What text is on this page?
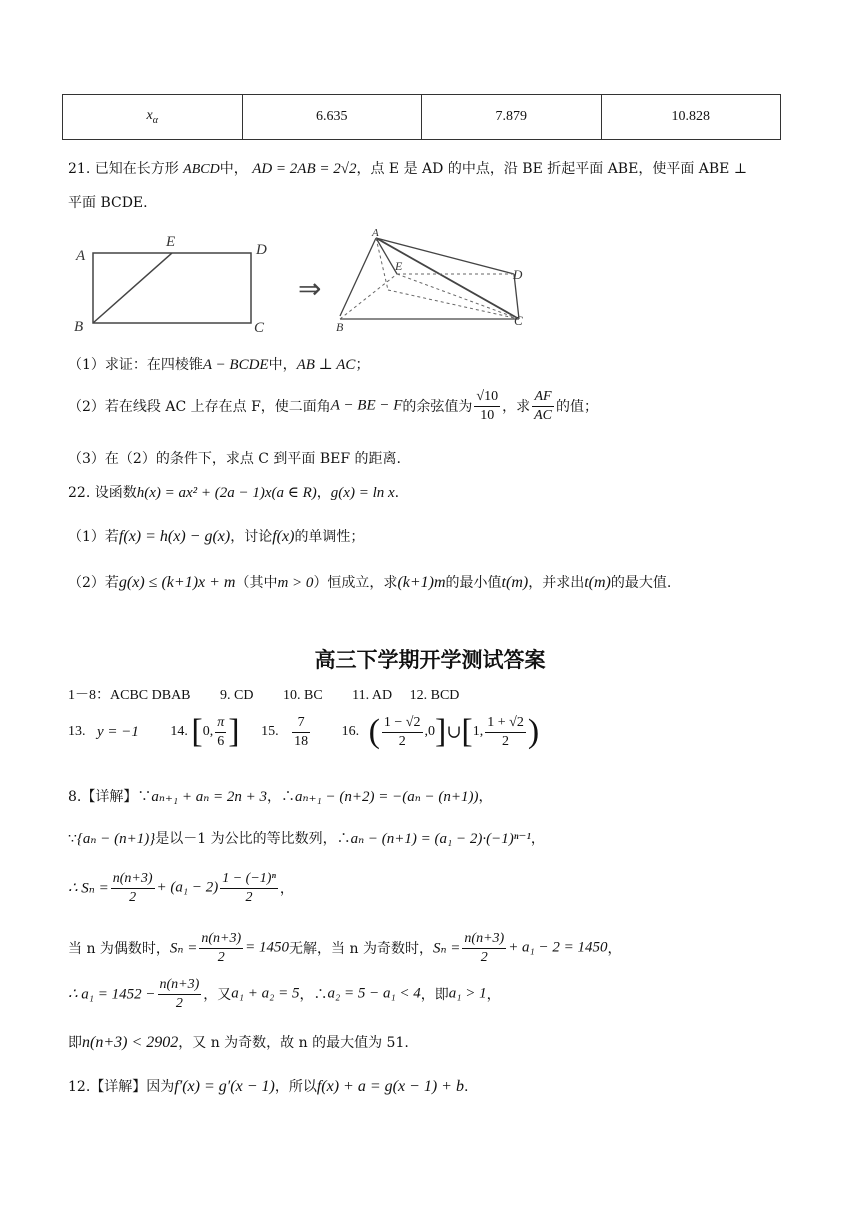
$x_\alpha$	6.635	7.879	10.828
21. 已知在长方形 ABCD中， AD = 2AB = 2√2，点 E 是 AD 的中点，沿 BE 折起平面 ABE，使平面 ABE ⊥
平面 BCDE.
A
E	D
B	C
⇒
A
E
D
B	C
（1）求证：在四棱锥A − BCDE中，AB ⊥ AC；
（2）若在线段 AC 上存在点 F，使二面角A − BE − F的余弦值为 $\frac{√10}{10}$ ，求 $\frac{AF}{AC}$ 的值；
（3）在（2）的条件下，求点 C 到平面 BEF 的距离.
22. 设函数h(x) = ax² + (2a − 1)x(a ∈ R)，g(x) = ln x.
（1）若f(x) = h(x) − g(x)，讨论f(x)的单调性；
（2）若g(x) ≤ (k+1)x + m（其中m > 0）恒成立，求(k+1)m的最小值t(m)，并求出t(m)的最大值.
高三下学期开学测试答案
1－8：ACBC DBAB 9. CD 10. BC 11. AD 12. BCD
13. y = −1 14. [0, $\frac{\pi}{6}$ ] 15. $\frac{7}{18} 16$. ( $\frac{1 - √2}{2}$ ,0]∪[1, $\frac{1 + √2}{2}$ )
8.【详解】∵aₙ₊₁ + aₙ = 2n + 3，∴aₙ₊₁ − (n+2) = −(aₙ − (n+1))，
∵{aₙ − (n+1)}是以－1 为公比的等比数列，∴aₙ − (n+1) = (a₁ − 2)·(−1)ⁿ⁻¹，
∴ $S_n = \frac{n(n+3)}{2} + (a_1 - 2) \frac{\text{1 − (−1)ⁿ}}{2}$ ，
当 n 为偶数时，$S_n = \frac{n(n+3)}{2} = 1450$无解，当 n 为奇数时，$S_n = \frac{n(n+3)}{2} + a_1 - 2 = 1450$，
∴ $a_1 = 1452 - \frac{n(n+3)}{2}$ ，又a₁ + a₂ = 5，∴a₂ = 5 − a₁ < 4，即a₁ > 1，
即n(n+3) < 2902，又 n 为奇数，故 n 的最大值为 51.
12.【详解】因为f′(x) = g′(x − 1)，所以f(x) + a = g(x − 1) + b.
